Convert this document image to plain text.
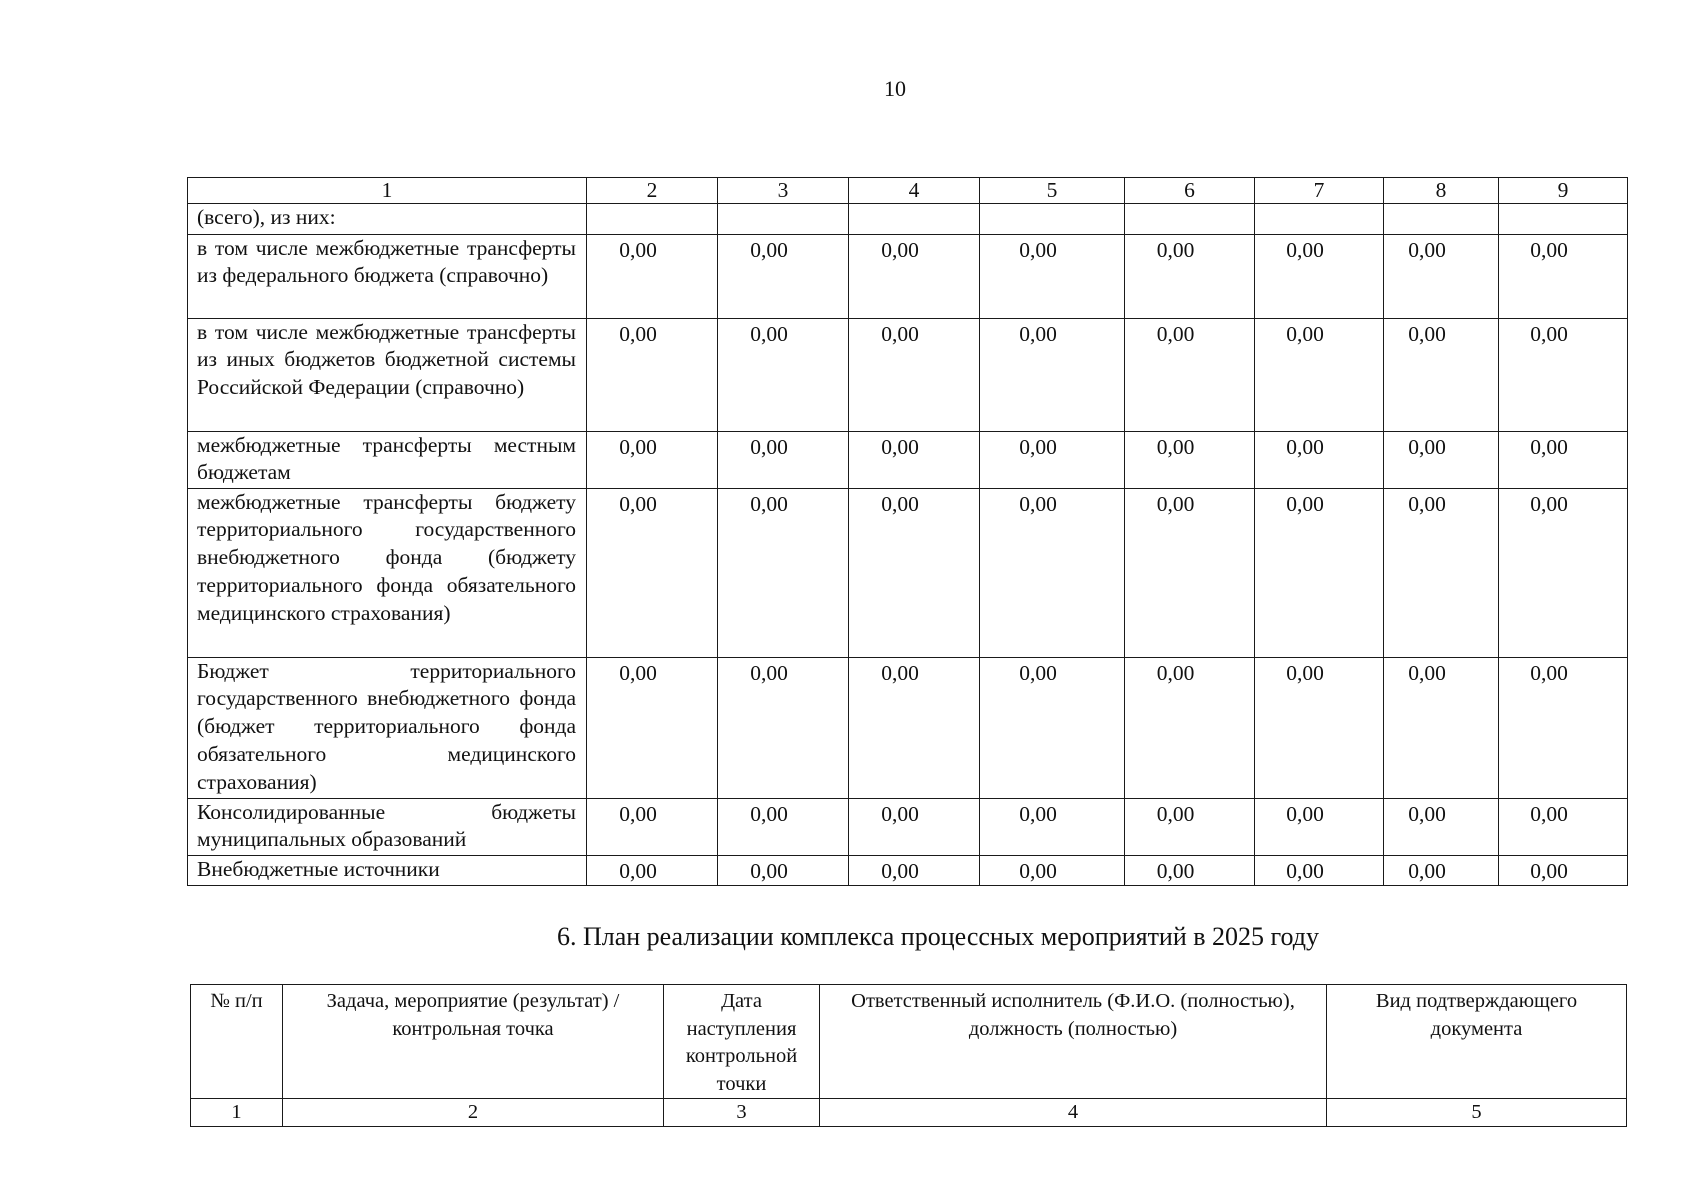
10
1	2	3	4	5	6	7	8	9
(всего), из них:								
в том числе межбюджетные трансферты из федерального бюджета (справочно)	0,00	0,00	0,00	0,00	0,00	0,00	0,00	0,00
в том числе межбюджетные трансферты из иных бюджетов бюджетной системы Российской Федерации (справочно)	0,00	0,00	0,00	0,00	0,00	0,00	0,00	0,00
межбюджетные трансферты местным бюджетам	0,00	0,00	0,00	0,00	0,00	0,00	0,00	0,00
межбюджетные трансферты бюджету территориального государственного внебюджетного фонда (бюджету территориального фонда обязательного медицинского страхования)	0,00	0,00	0,00	0,00	0,00	0,00	0,00	0,00
Бюджет территориального государственного внебюджетного фонда (бюджет территориального фонда обязательного медицинского страхования)	0,00	0,00	0,00	0,00	0,00	0,00	0,00	0,00
Консолидированные бюджеты муниципальных образований	0,00	0,00	0,00	0,00	0,00	0,00	0,00	0,00
Внебюджетные источники	0,00	0,00	0,00	0,00	0,00	0,00	0,00	0,00
6. План реализации комплекса процессных мероприятий в 2025 году
№ п/п	Задача, мероприятие (результат) / контрольная точка	Дата наступления контрольной точки	Ответственный исполнитель (Ф.И.О. (полностью), должность (полностью)	Вид подтверждающего документа
1	2	3	4	5
